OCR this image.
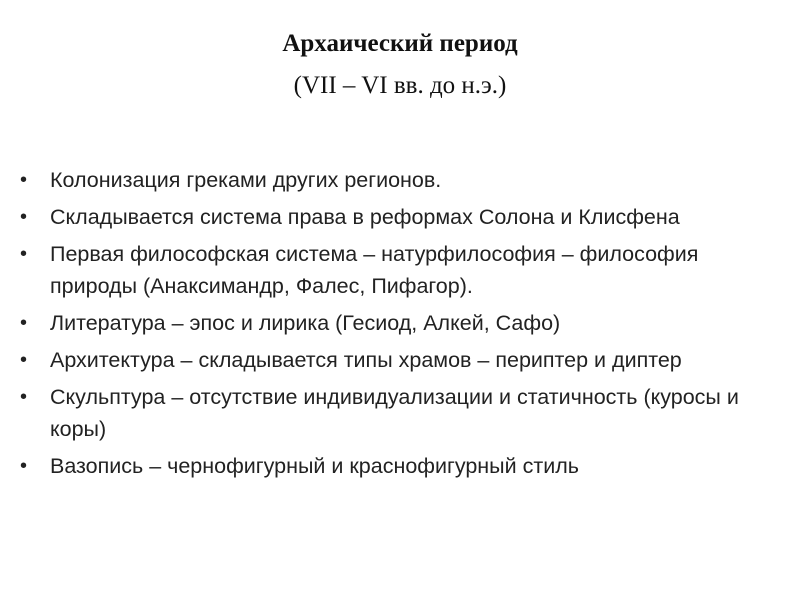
Архаический период
(VII – VI вв. до н.э.)
• Колонизация греками других регионов.
• Складывается система права в реформах Солона и Клисфена
• Первая философская система – натурфилософия – философия природы (Анаксимандр, Фалес, Пифагор).
• Литература – эпос и лирика (Гесиод, Алкей, Сафо)
• Архитектура – складывается типы храмов – периптер и диптер
• Скульптура – отсутствие индивидуализации и статичность (куросы и коры)
• Вазопись – чернофигурный и краснофигурный стиль
